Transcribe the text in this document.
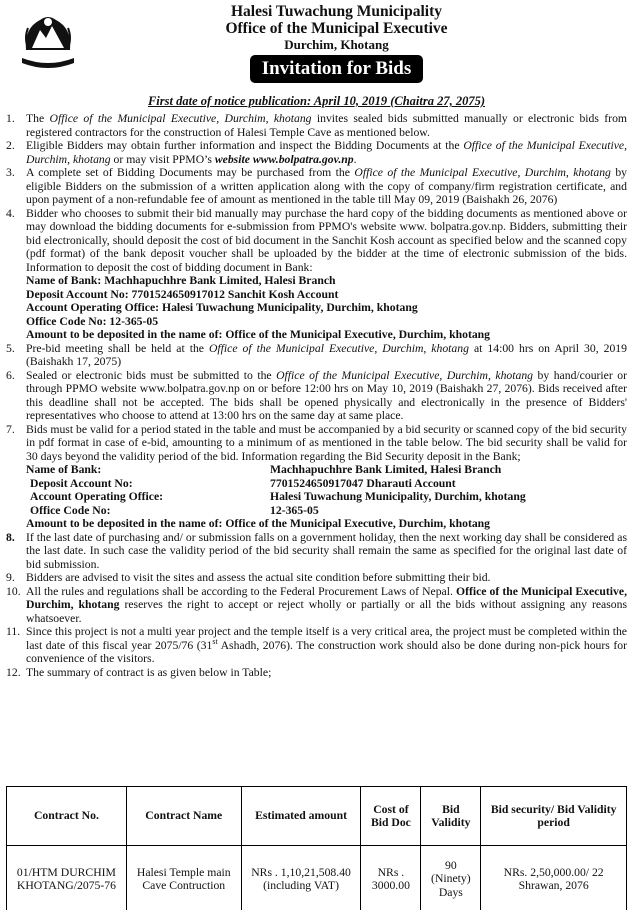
Halesi Tuwachung Municipality
Office of the Municipal Executive
Durchim, Khotang
Invitation for Bids
First date of notice publication: April 10, 2019 (Chaitra 27, 2075)
1. The Office of the Municipal Executive, Durchim, khotang invites sealed bids submitted manually or electronic bids from registered contractors for the construction of Halesi Temple Cave as mentioned below.
2. Eligible Bidders may obtain further information and inspect the Bidding Documents at the Office of the Municipal Executive, Durchim, khotang or may visit PPMO’s website www.bolpatra.gov.np.
3. A complete set of Bidding Documents may be purchased from the Office of the Municipal Executive, Durchim, khotang by eligible Bidders on the submission of a written application along with the copy of company/firm registration certificate, and upon payment of a non-refundable fee of amount as mentioned in the table till May 09, 2019 (Baishakh 26, 2076)
4. Bidder who chooses to submit their bid manually may purchase the hard copy of the bidding documents as mentioned above or may download the bidding documents for e-submission from PPMO's website www. bolpatra.gov.np. Bidders, submitting their bid electronically, should deposit the cost of bid document in the Sanchit Kosh account as specified below and the scanned copy (pdf format) of the bank deposit voucher shall be uploaded by the bidder at the time of electronic submission of the bids. Information to deposit the cost of bidding document in Bank:
Name of Bank: Machhapuchhre Bank Limited, Halesi Branch
Deposit Account No: 7701524650917012 Sanchit Kosh Account
Account Operating Office: Halesi Tuwachung Municipality, Durchim, khotang
Office Code No: 12-365-05
Amount to be deposited in the name of: Office of the Municipal Executive, Durchim, khotang
5. Pre-bid meeting shall be held at the Office of the Municipal Executive, Durchim, khotang at 14:00 hrs on April 30, 2019 (Baishakh 17, 2075)
6. Sealed or electronic bids must be submitted to the Office of the Municipal Executive, Durchim, khotang by hand/courier or through PPMO website www.bolpatra.gov.np on or before 12:00 hrs on May 10, 2019 (Baishakh 27, 2076). Bids received after this deadline shall not be accepted. The bids shall be opened physically and electronically in the presence of Bidders' representatives who choose to attend at 13:00 hrs on the same day at same place.
7. Bids must be valid for a period stated in the table and must be accompanied by a bid security or scanned copy of the bid security in pdf format in case of e-bid, amounting to a minimum of as mentioned in the table below. The bid security shall be valid for 30 days beyond the validity period of the bid. Information regarding the Bid Security deposit in the Bank;
Name of Bank:	Machhapuchhre Bank Limited, Halesi Branch
Deposit Account No:	7701524650917047 Dharauti Account
Account Operating Office:	Halesi Tuwachung Municipality, Durchim, khotang
Office Code No:	12-365-05
Amount to be deposited in the name of: Office of the Municipal Executive, Durchim, khotang
8. If the last date of purchasing and/ or submission falls on a government holiday, then the next working day shall be considered as the last date. In such case the validity period of the bid security shall remain the same as specified for the original last date of bid submission.
9. Bidders are advised to visit the sites and assess the actual site condition before submitting their bid.
10. All the rules and regulations shall be according to the Federal Procurement Laws of Nepal. Office of the Municipal Executive, Durchim, khotang reserves the right to accept or reject wholly or partially or all the bids without assigning any reasons whatsoever.
11. Since this project is not a multi year project and the temple itself is a very critical area, the project must be completed within the last date of this fiscal year 2075/76 (31st Ashadh, 2076). The construction work should also be done during non-pick hours for convenience of the visitors.
12. The summary of contract is as given below in Table;
Contract No.	Contract Name	Estimated amount	Cost of Bid Doc	Bid Validity	Bid security/ Bid Validity period
01/HTM DURCHIM KHOTANG/2075-76	Halesi Temple main Cave Contruction	NRs . 1,10,21,508.40 (including VAT)	NRs . 3000.00	90 (Ninety) Days	NRs. 2,50,000.00/ 22 Shrawan, 2076
